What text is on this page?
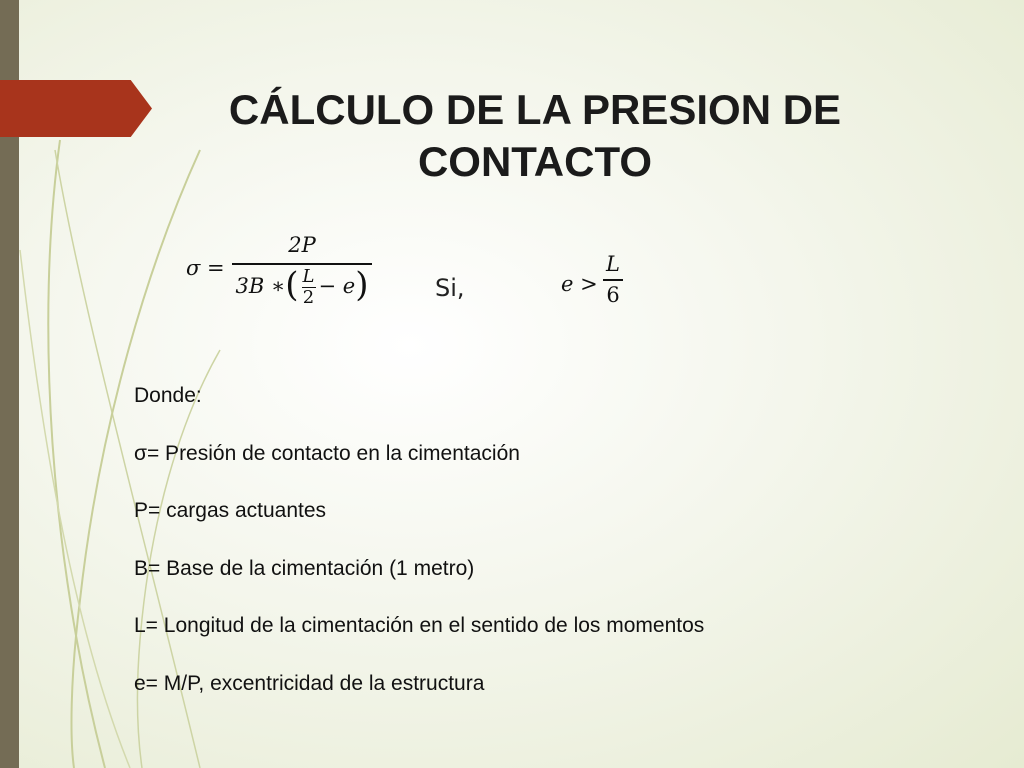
CÁLCULO DE LA PRESION DE CONTACTO
σ =
2P
3B ∗( $\frac{L}{2} - e$)	Si,	e >
L
6
Donde:
σ= Presión de contacto en la cimentación
P= cargas actuantes
B= Base de la cimentación (1 metro)
L= Longitud de la cimentación en el sentido de los momentos
e= M/P, excentricidad de la estructura
